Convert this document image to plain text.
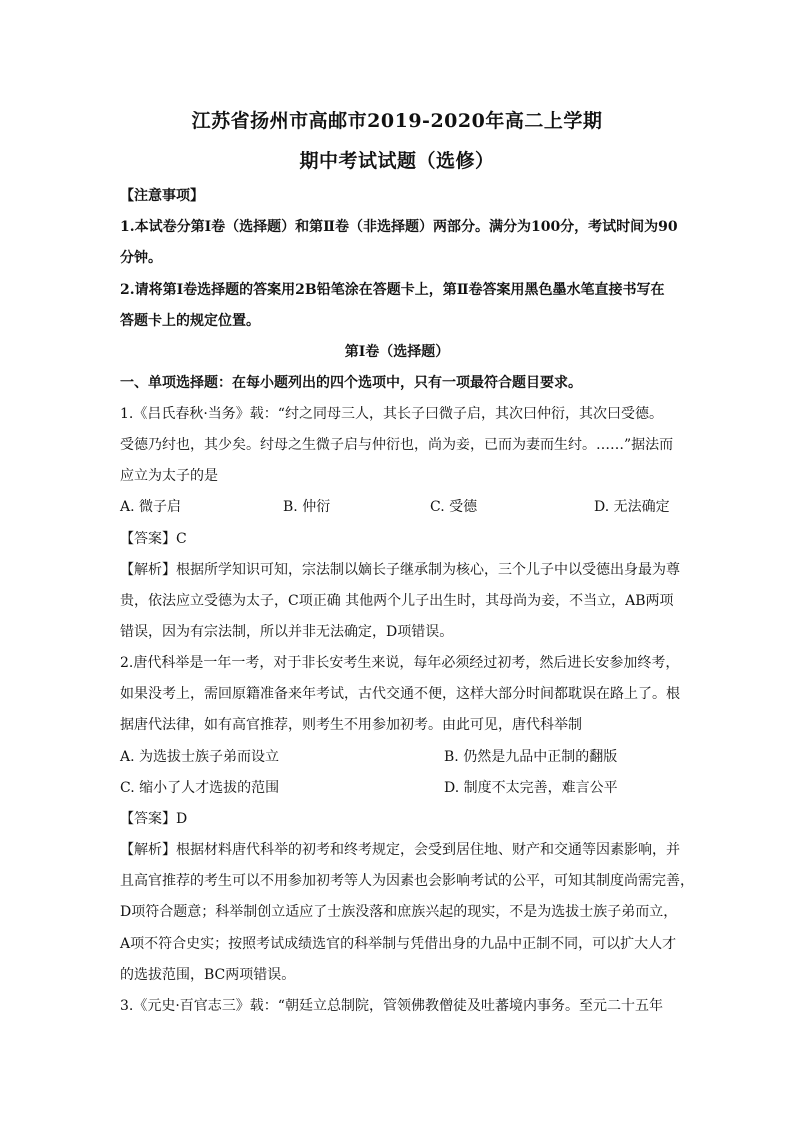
江苏省扬州市高邮市2019-2020年高二上学期
期中考试试题（选修）
【注意事项】
1.本试卷分第Ⅰ卷（选择题）和第Ⅱ卷（非选择题）两部分。满分为100分，考试时间为90
分钟。
2.请将第Ⅰ卷选择题的答案用2B铅笔涂在答题卡上，第Ⅱ卷答案用黑色墨水笔直接书写在
答题卡上的规定位置。
第Ⅰ卷（选择题）
一、单项选择题：在每小题列出的四个选项中，只有一项最符合题目要求。
1.《吕氏春秋·当务》载：“纣之同母三人，其长子曰微子启，其次曰仲衍，其次曰受德。
受德乃纣也，其少矣。纣母之生微子启与仲衍也，尚为妾，已而为妻而生纣。……”据法而
应立为太子的是
A. 微子启	B. 仲衍	C. 受德	D. 无法确定
【答案】C
【解析】根据所学知识可知，宗法制以嫡长子继承制为核心，三个儿子中以受德出身最为尊
贵，依法应立受德为太子，C项正确 其他两个儿子出生时，其母尚为妾，不当立，AB两项
错误，因为有宗法制，所以并非无法确定，D项错误。
2.唐代科举是一年一考，对于非长安考生来说，每年必须经过初考，然后进长安参加终考，
如果没考上，需回原籍准备来年考试，古代交通不便，这样大部分时间都耽误在路上了。根
据唐代法律，如有高官推荐，则考生不用参加初考。由此可见，唐代科举制
A. 为选拔士族子弟而设立	B. 仍然是九品中正制的翻版
C. 缩小了人才选拔的范围	D. 制度不太完善，难言公平
【答案】D
【解析】根据材料唐代科举的初考和终考规定，会受到居住地、财产和交通等因素影响，并
且高官推荐的考生可以不用参加初考等人为因素也会影响考试的公平，可知其制度尚需完善，
D项符合题意；科举制创立适应了士族没落和庶族兴起的现实，不是为选拔士族子弟而立，
A项不符合史实；按照考试成绩选官的科举制与凭借出身的九品中正制不同，可以扩大人才
的选拔范围，BC两项错误。
3.《元史·百官志三》载：“朝廷立总制院，管领佛教僧徒及吐蕃境内事务。至元二十五年
